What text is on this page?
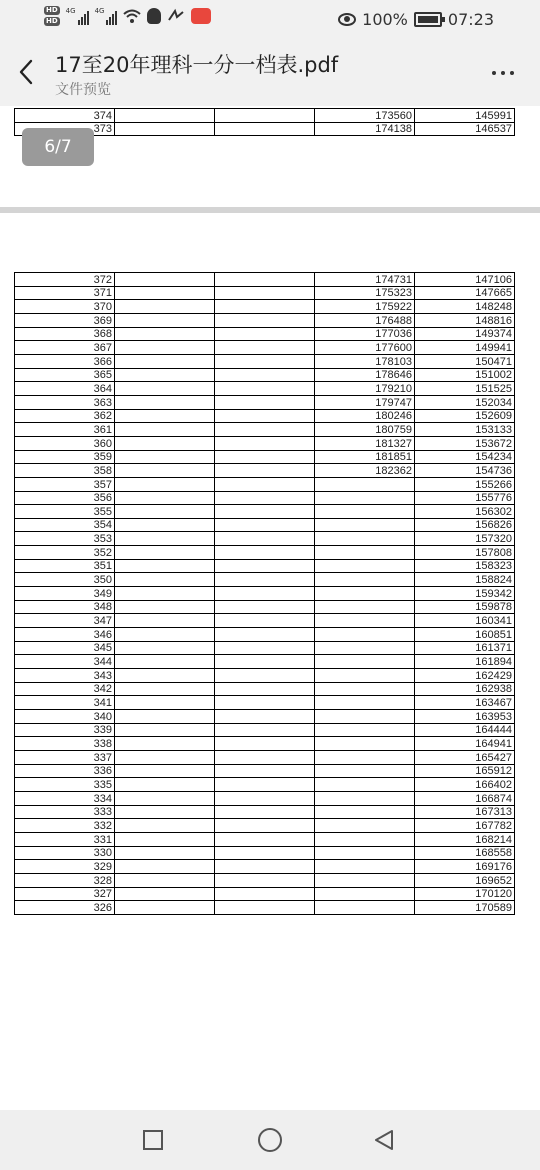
HD
HD
4G	4G	100%	07:23
17至20年理科一分一档表.pdf
文件预览
374			173560	145991
373			174138	146537
6/7
372			174731	147106
371			175323	147665
370			175922	148248
369			176488	148816
368			177036	149374
367			177600	149941
366			178103	150471
365			178646	151002
364			179210	151525
363			179747	152034
362			180246	152609
361			180759	153133
360			181327	153672
359			181851	154234
358			182362	154736
357				155266
356				155776
355				156302
354				156826
353				157320
352				157808
351				158323
350				158824
349				159342
348				159878
347				160341
346				160851
345				161371
344				161894
343				162429
342				162938
341				163467
340				163953
339				164444
338				164941
337				165427
336				165912
335				166402
334				166874
333				167313
332				167782
331				168214
330				168558
329				169176
328				169652
327				170120
326				170589
